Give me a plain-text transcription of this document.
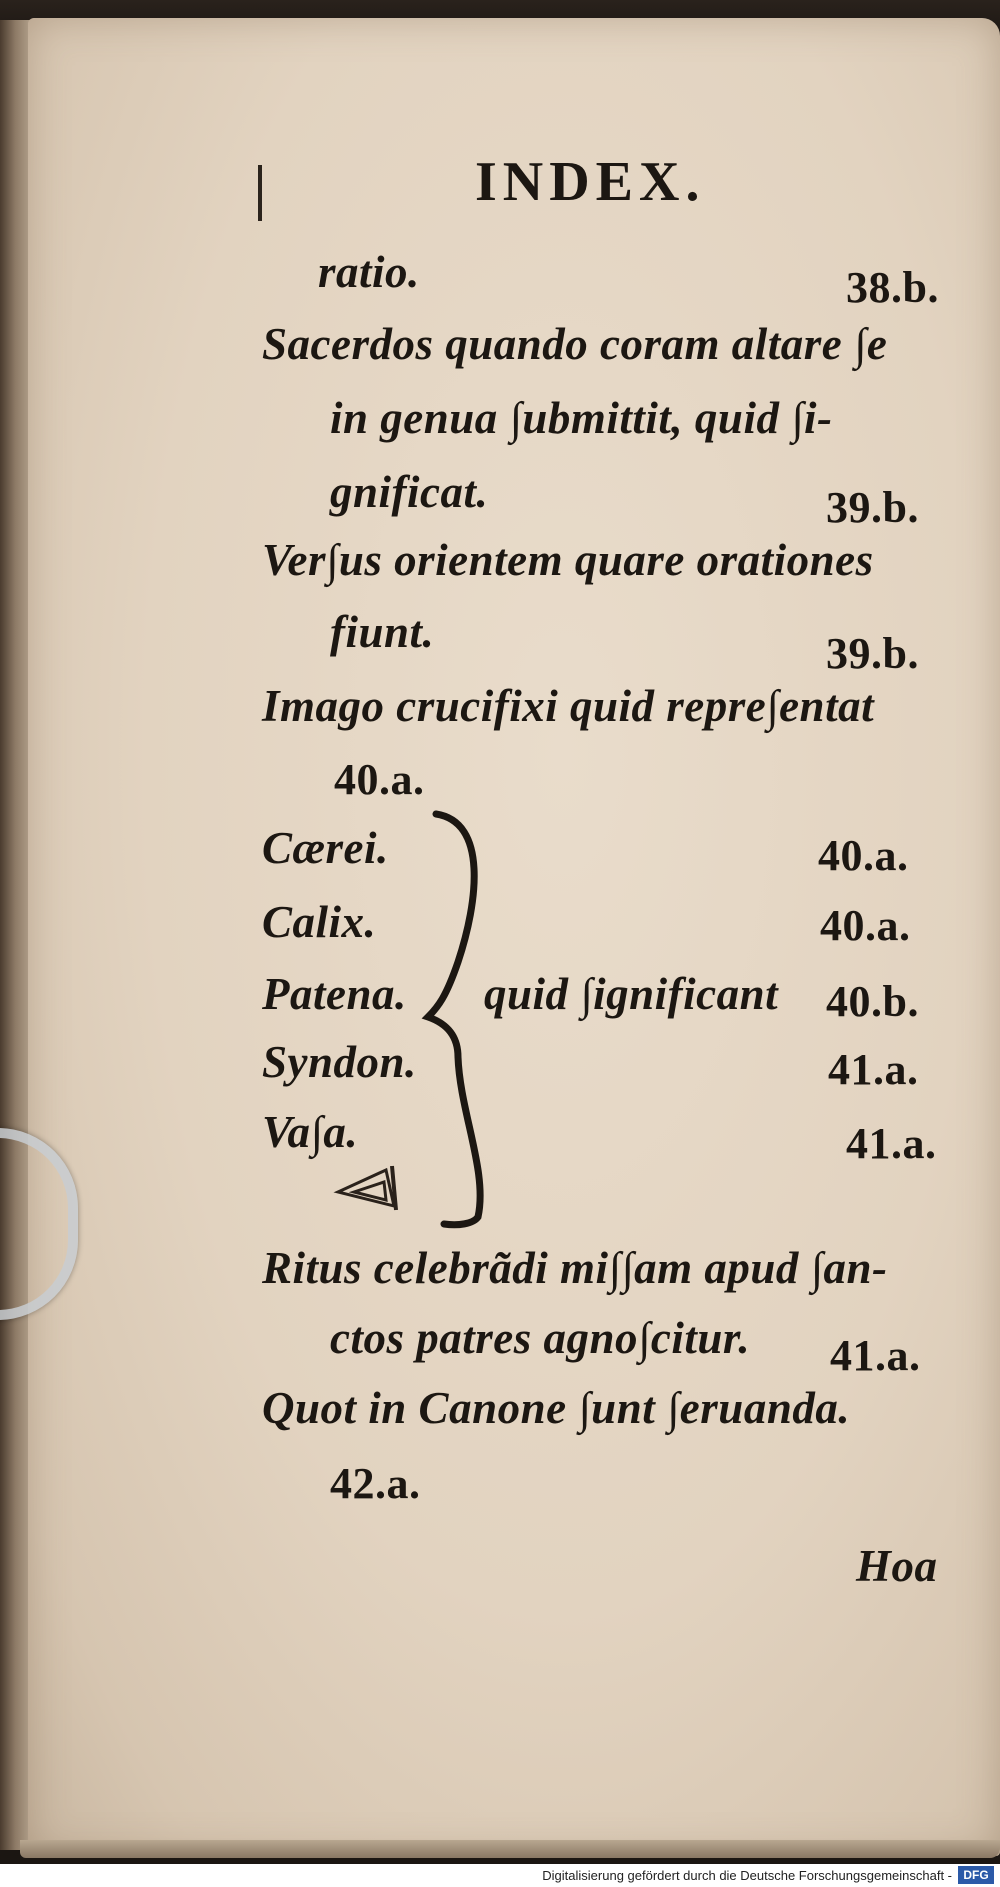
INDEX.
ratio.	38.b.
Sacerdos quando coram altare ∫e
in genua ∫ubmittit, quid ∫i-
gnificat.	39.b.
Ver∫us orientem quare orationes
fiunt.	39.b.
Imago crucifixi quid repre∫entat
40.a.
Cærei.	40.a.
Calix.	40.a.
Patena. quid ∫ignificant 40.b.
Syndon.	41.a.
Va∫a.	41.a.
Ritus celebrãdi mi∫∫am apud ∫an-
ctos patres agno∫citur. 41.a.
Quot in Canone ∫unt ∫eruanda.
42.a.
Hoa
Digitalisierung gefördert durch die Deutsche Forschungsgemeinschaft - DFG
